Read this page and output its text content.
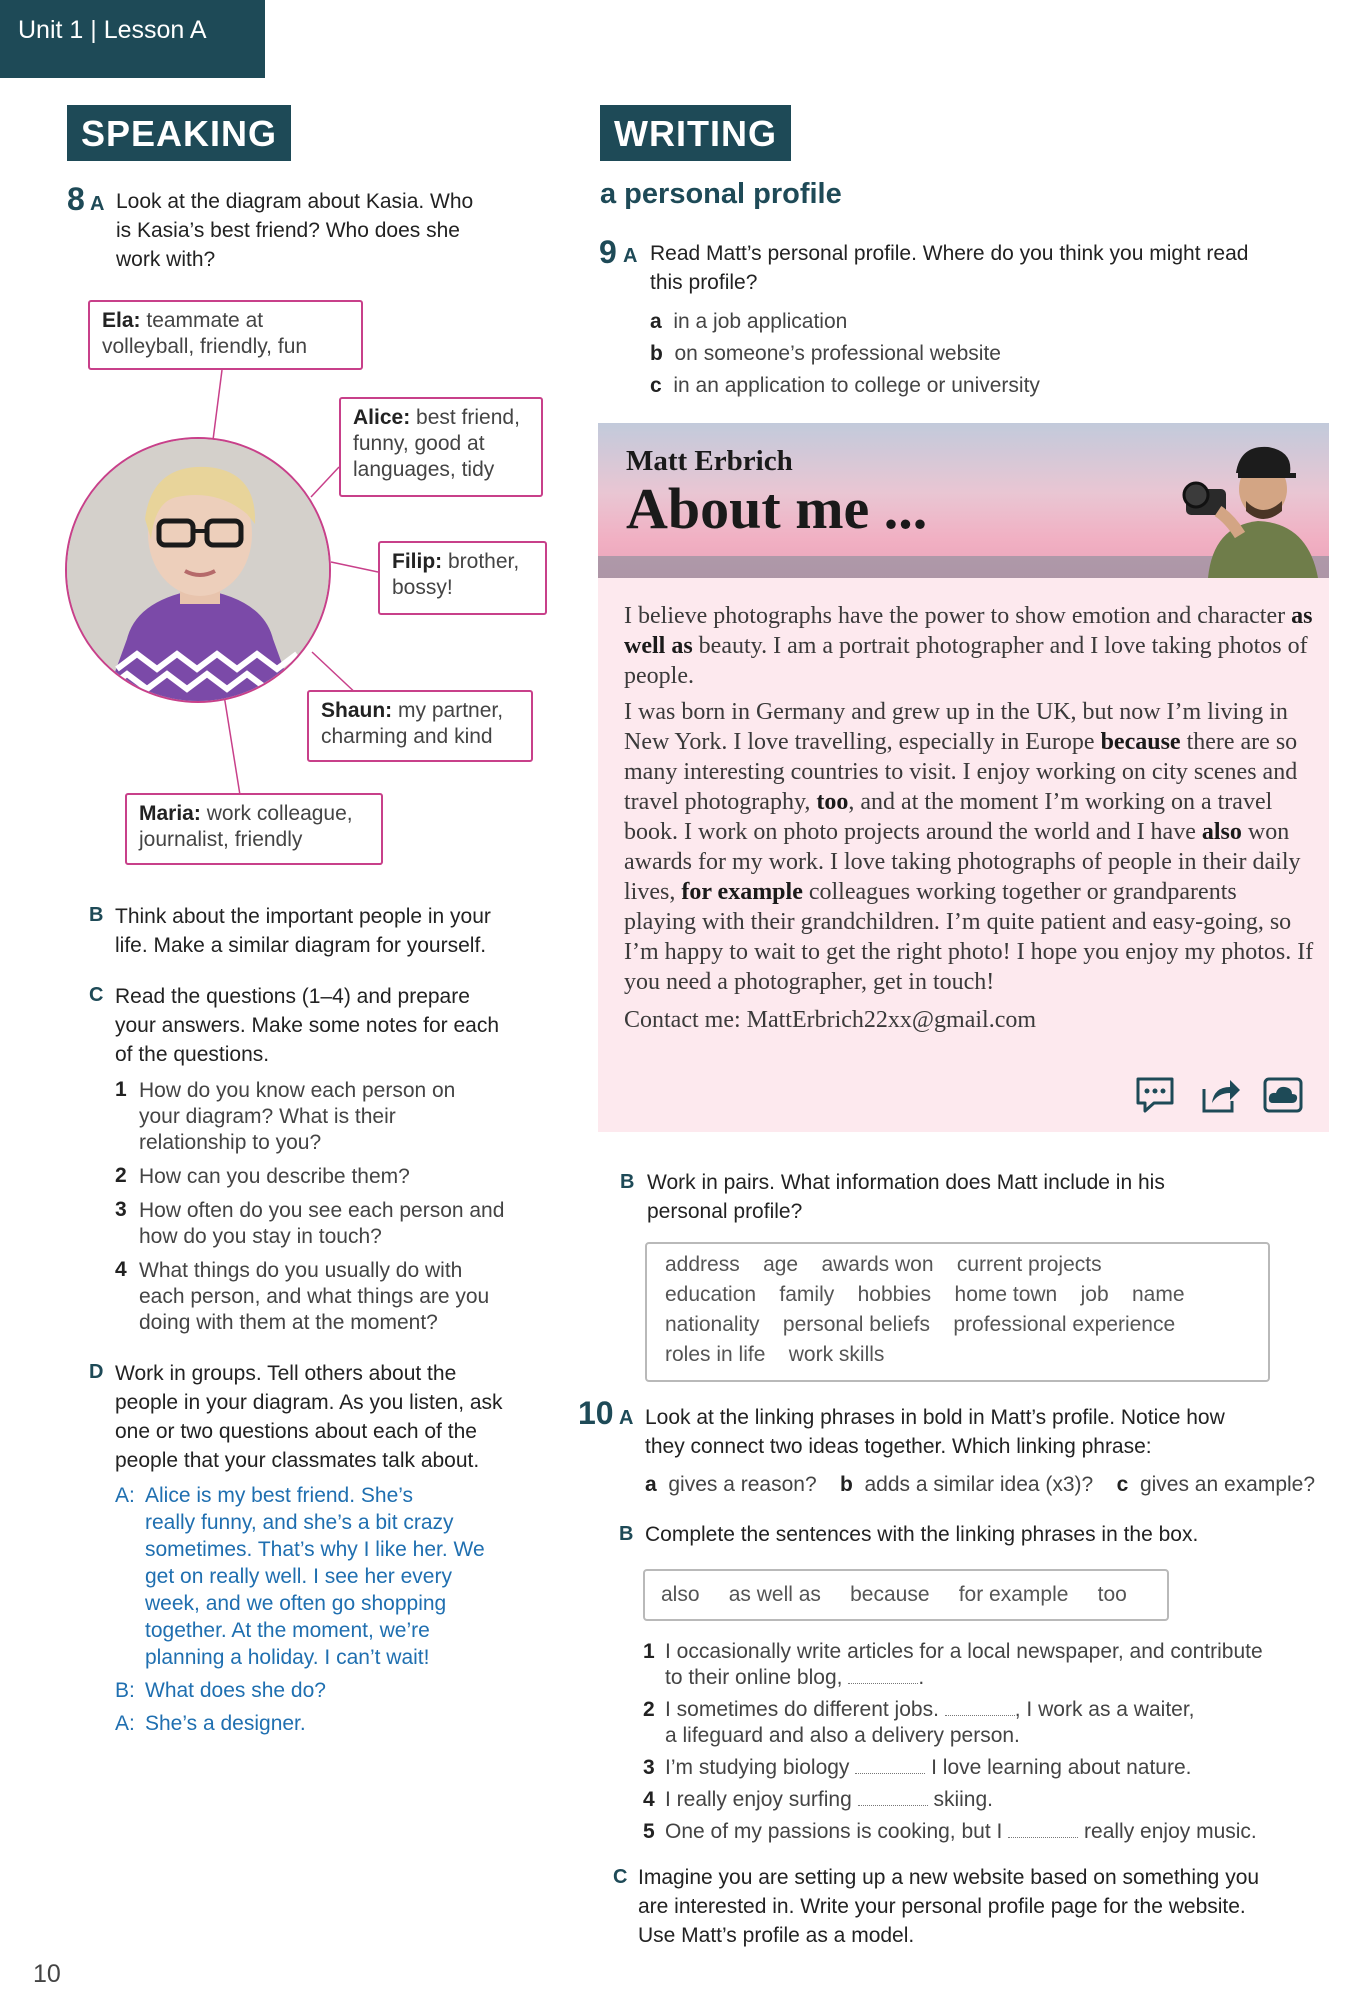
Unit 1 | Lesson A
SPEAKING
8 A Look at the diagram about Kasia. Who
is Kasia’s best friend? Who does she
work with?
Ela: teammate at
volleyball, friendly, fun
Alice: best friend,
funny, good at
languages, tidy
Filip: brother,
bossy!
Shaun: my partner,
charming and kind
Maria: work colleague,
journalist, friendly
B Think about the important people in your
life. Make a similar diagram for yourself.
C Read the questions (1–4) and prepare
your answers. Make some notes for each
of the questions.
1 How do you know each person on
your diagram? What is their
relationship to you?
2 How can you describe them?
3 How often do you see each person and
how do you stay in touch?
4 What things do you usually do with
each person, and what things are you
doing with them at the moment?
D Work in groups. Tell others about the
people in your diagram. As you listen, ask
one or two questions about each of the
people that your classmates talk about.
A: Alice is my best friend. She’s
really funny, and she’s a bit crazy
sometimes. That’s why I like her. We
get on really well. I see her every
week, and we often go shopping
together. At the moment, we’re
planning a holiday. I can’t wait!
B: What does she do?
A: She’s a designer.
WRITING
a personal profile
9 A Read Matt’s personal profile. Where do you think you might read
this profile?
a in a job application
b on someone’s professional website
c in an application to college or university
Matt Erbrich
About me ...

I believe photographs have the power to show emotion and character as well as beauty. I am a portrait photographer and I love taking photos of people.

I was born in Germany and grew up in the UK, but now I’m living in New York. I love travelling, especially in Europe because there are so many interesting countries to visit. I enjoy working on city scenes and travel photography, too, and at the moment I’m working on a travel book. I work on photo projects around the world and I have also won awards for my work. I love taking photographs of people in their daily lives, for example colleagues working together or grandparents playing with their grandchildren. I’m quite patient and easy-going, so I’m happy to wait to get the right photo! I hope you enjoy my photos. If you need a photographer, get in touch!

Contact me: MattErbrich22xx@gmail.com

B Work in pairs. What information does Matt include in his
personal profile?
address age awards won current projects
education family hobbies home town job name
nationality personal beliefs professional experience
roles in life work skills
10 A Look at the linking phrases in bold in Matt’s profile. Notice how
they connect two ideas together. Which linking phrase:
a gives a reason? b adds a similar idea (x3)? c gives an example?
B Complete the sentences with the linking phrases in the box.
also as well as because for example too
1 I occasionally write articles for a local newspaper, and contribute
to their online blog,	.
2 I sometimes do different jobs.	, I work as a waiter,
a lifeguard and also a delivery person.
3 I’m studying biology	I love learning about nature.
4 I really enjoy surfing	skiing.
5 One of my passions is cooking, but I	really enjoy music.
C Imagine you are setting up a new website based on something you
are interested in. Write your personal profile page for the website.
Use Matt’s profile as a model.
10
